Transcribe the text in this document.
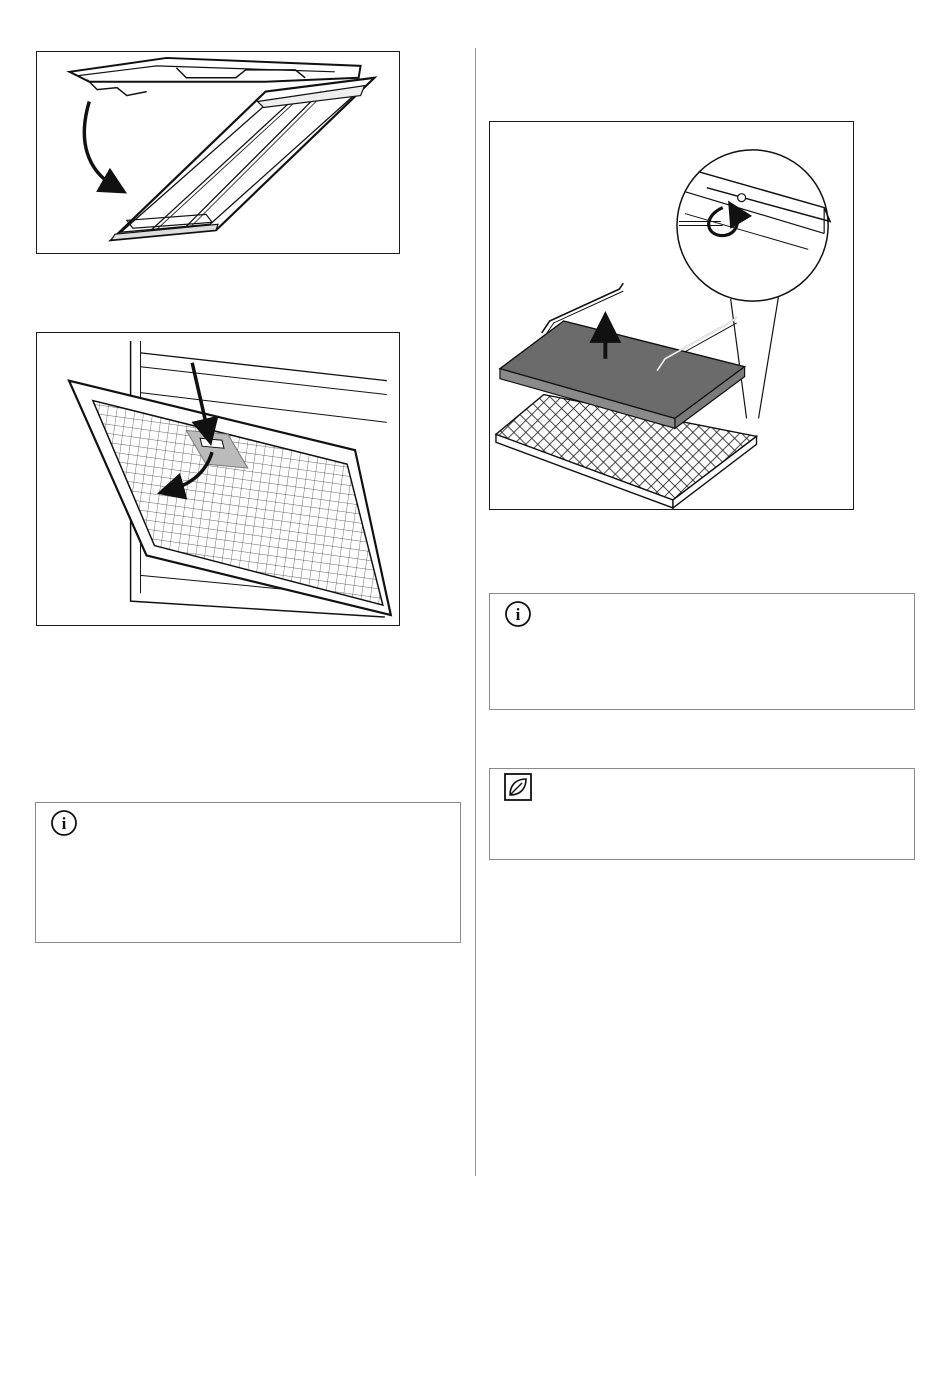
i
i
